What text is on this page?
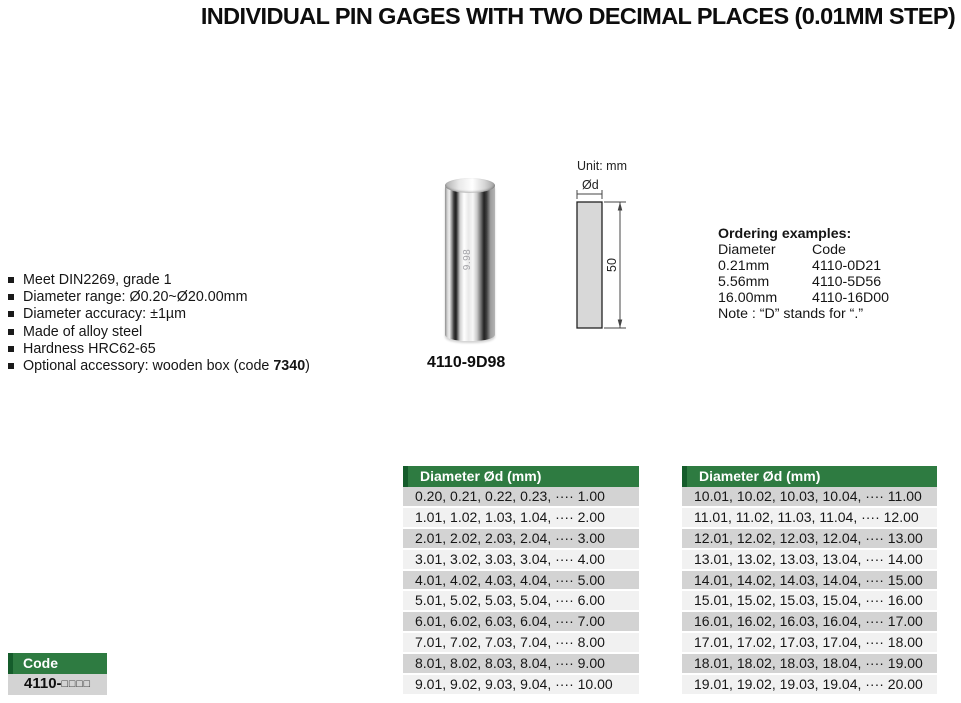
INDIVIDUAL PIN GAGES WITH TWO DECIMAL PLACES (0.01MM STEP)
Meet DIN2269, grade 1
Diameter range: Ø0.20~Ø20.00mm
Diameter accuracy: ±1µm
Made of alloy steel
Hardness HRC62-65
Optional accessory: wooden box (code 7340)
9.98
4110-9D98
Unit: mm
Ød
50
Ordering examples:
Diameter	Code
0.21mm	4110-0D21
5.56mm	4110-5D56
16.00mm 4110-16D00
Note : “D” stands for “.”
Diameter Ød (mm)
0.20, 0.21, 0.22, 0.23, ···· 1.00
1.01, 1.02, 1.03, 1.04, ···· 2.00
2.01, 2.02, 2.03, 2.04, ···· 3.00
3.01, 3.02, 3.03, 3.04, ···· 4.00
4.01, 4.02, 4.03, 4.04, ···· 5.00
5.01, 5.02, 5.03, 5.04, ···· 6.00
6.01, 6.02, 6.03, 6.04, ···· 7.00
7.01, 7.02, 7.03, 7.04, ···· 8.00
8.01, 8.02, 8.03, 8.04, ···· 9.00
9.01, 9.02, 9.03, 9.04, ···· 10.00
Diameter Ød (mm)
10.01, 10.02, 10.03, 10.04, ···· 11.00
11.01, 11.02, 11.03, 11.04, ···· 12.00
12.01, 12.02, 12.03, 12.04, ···· 13.00
13.01, 13.02, 13.03, 13.04, ···· 14.00
14.01, 14.02, 14.03, 14.04, ···· 15.00
15.01, 15.02, 15.03, 15.04, ···· 16.00
16.01, 16.02, 16.03, 16.04, ···· 17.00
17.01, 17.02, 17.03, 17.04, ···· 18.00
18.01, 18.02, 18.03, 18.04, ···· 19.00
19.01, 19.02, 19.03, 19.04, ···· 20.00
Code
4110-□□□□
